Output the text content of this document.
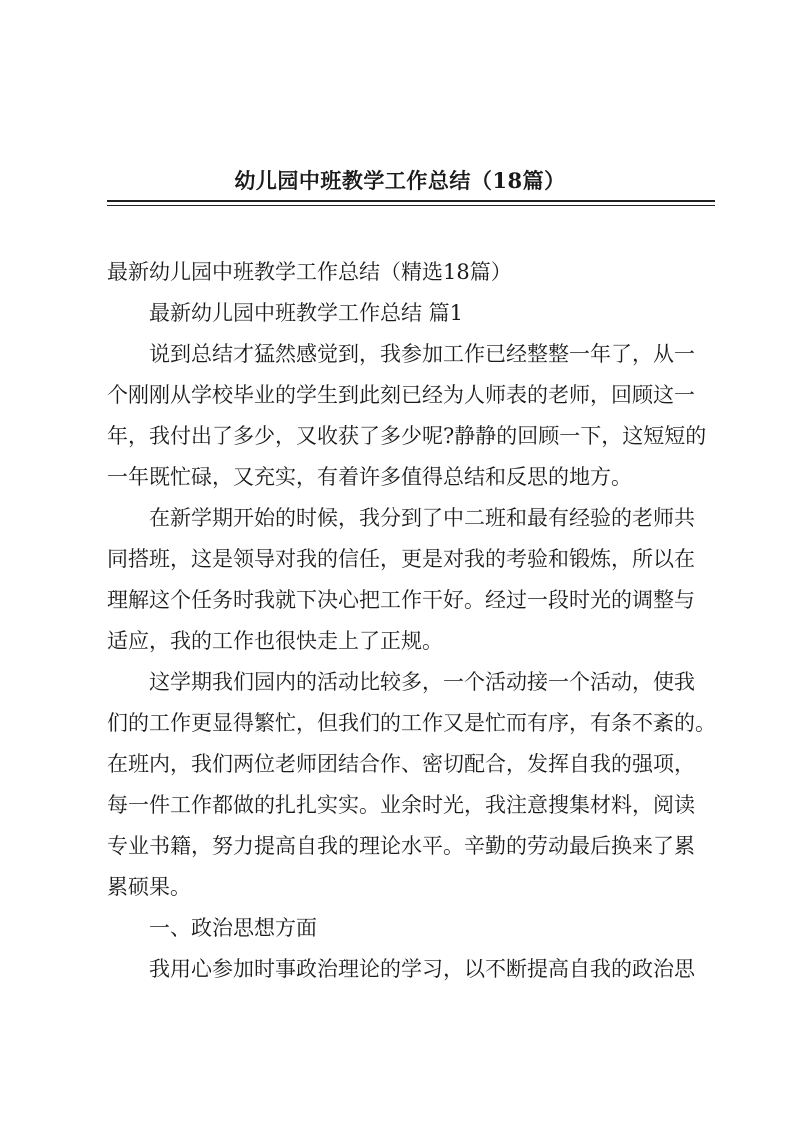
幼儿园中班教学工作总结（18篇）
最新幼儿园中班教学工作总结（精选18篇）
最新幼儿园中班教学工作总结 篇1
说到总结才猛然感觉到，我参加工作已经整整一年了，从一
个刚刚从学校毕业的学生到此刻已经为人师表的老师，回顾这一
年，我付出了多少，又收获了多少呢?静静的回顾一下，这短短的
一年既忙碌，又充实，有着许多值得总结和反思的地方。
在新学期开始的时候，我分到了中二班和最有经验的老师共
同搭班，这是领导对我的信任，更是对我的考验和锻炼，所以在
理解这个任务时我就下决心把工作干好。经过一段时光的调整与
适应，我的工作也很快走上了正规。
这学期我们园内的活动比较多，一个活动接一个活动，使我
们的工作更显得繁忙，但我们的工作又是忙而有序，有条不紊的。
在班内，我们两位老师团结合作、密切配合，发挥自我的强项，
每一件工作都做的扎扎实实。业余时光，我注意搜集材料，阅读
专业书籍，努力提高自我的理论水平。辛勤的劳动最后换来了累
累硕果。
一、政治思想方面
我用心参加时事政治理论的学习，以不断提高自我的政治思
